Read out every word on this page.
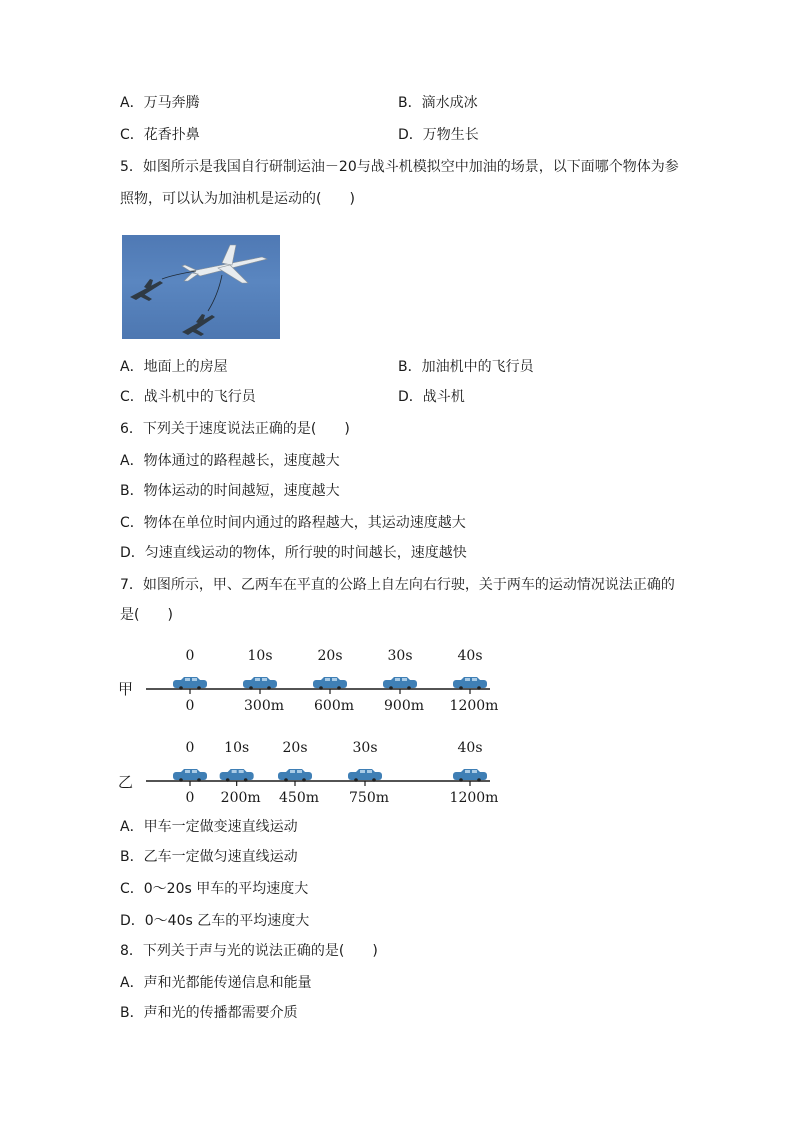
A．万马奔腾	B．滴水成冰
C．花香扑鼻	D．万物生长
5．如图所示是我国自行研制运油－20与战斗机模拟空中加油的场景，以下面哪个物体为参
照物，可以认为加油机是运动的(　　)
A．地面上的房屋	B．加油机中的飞行员
C．战斗机中的飞行员	D．战斗机
6．下列关于速度说法正确的是(　　)
A．物体通过的路程越长，速度越大
B．物体运动的时间越短，速度越大
C．物体在单位时间内通过的路程越大，其运动速度越大
D．匀速直线运动的物体，所行驶的时间越长，速度越快
7．如图所示，甲、乙两车在平直的公路上自左向右行驶，关于两车的运动情况说法正确的
是(　　)
甲
0	10s	20s	30s	40s
0	300m 600m 900m 1200m
乙
0 10s 20s	30s	40s
0 200m 450m 750m	1200m
A．甲车一定做变速直线运动
B．乙车一定做匀速直线运动
C．0～20s 甲车的平均速度大
D．0～40s 乙车的平均速度大
8．下列关于声与光的说法正确的是(　　)
A．声和光都能传递信息和能量
B．声和光的传播都需要介质
